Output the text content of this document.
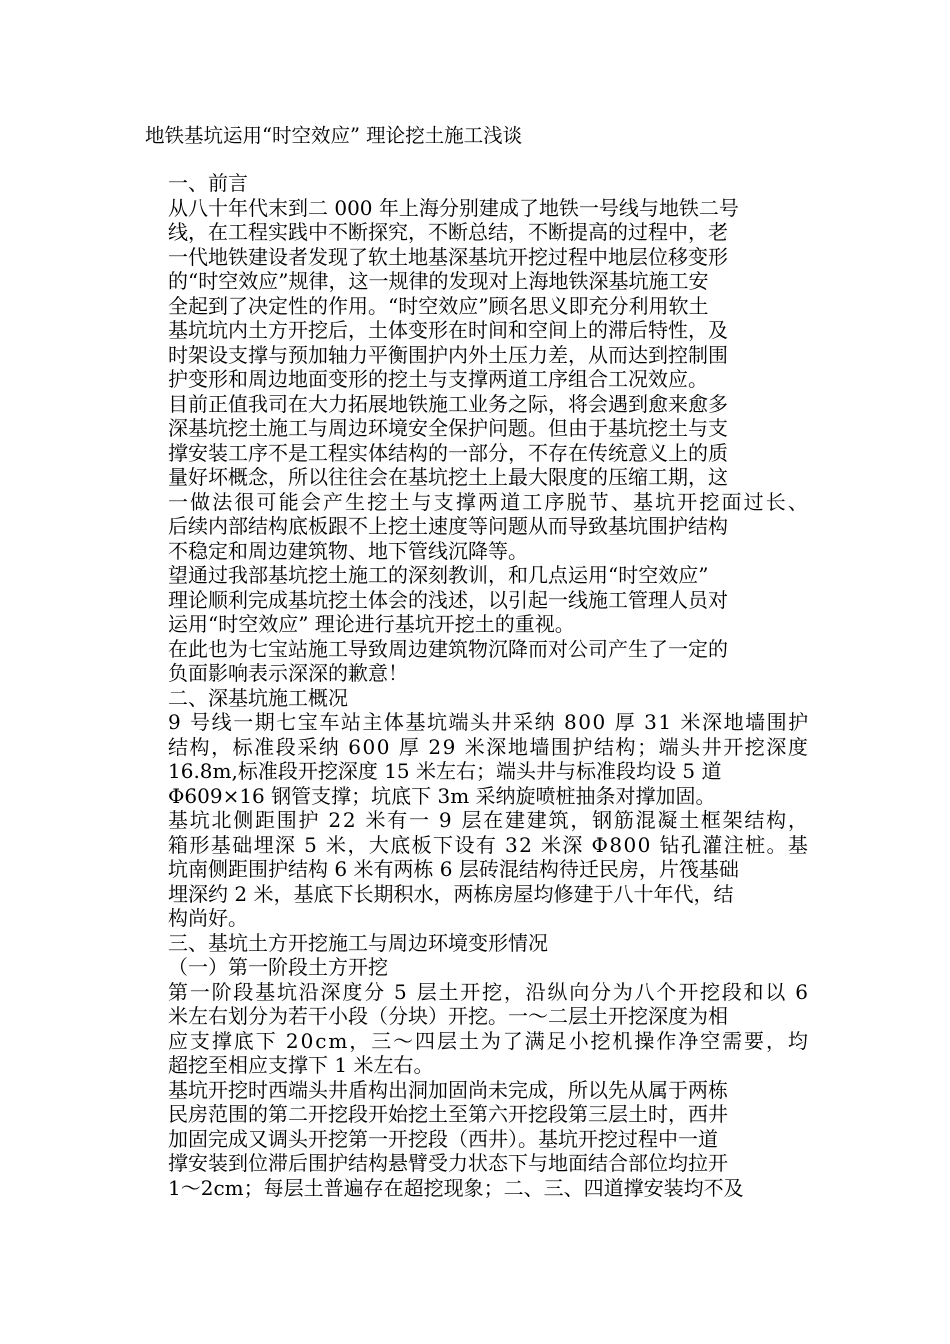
地铁基坑运用“时空效应” 理论挖土施工浅谈
一、前言
从八十年代末到二 000 年上海分别建成了地铁一号线与地铁二号
线，在工程实践中不断探究，不断总结，不断提高的过程中，老
一代地铁建设者发现了软土地基深基坑开挖过程中地层位移变形
的“时空效应”规律，这一规律的发现对上海地铁深基坑施工安
全起到了决定性的作用。“时空效应”顾名思义即充分利用软土
基坑坑内土方开挖后，土体变形在时间和空间上的滞后特性，及
时架设支撑与预加轴力平衡围护内外土压力差，从而达到控制围
护变形和周边地面变形的挖土与支撑两道工序组合工况效应。
目前正值我司在大力拓展地铁施工业务之际，将会遇到愈来愈多
深基坑挖土施工与周边环境安全保护问题。但由于基坑挖土与支
撑安装工序不是工程实体结构的一部分，不存在传统意义上的质
量好坏概念，所以往往会在基坑挖土上最大限度的压缩工期，这
一做法很可能会产生挖土与支撑两道工序脱节、基坑开挖面过长、
后续内部结构底板跟不上挖土速度等问题从而导致基坑围护结构
不稳定和周边建筑物、地下管线沉降等。
望通过我部基坑挖土施工的深刻教训，和几点运用“时空效应”
理论顺利完成基坑挖土体会的浅述，以引起一线施工管理人员对
运用“时空效应” 理论进行基坑开挖土的重视。
在此也为七宝站施工导致周边建筑物沉降而对公司产生了一定的
负面影响表示深深的歉意！
二、深基坑施工概况
9 号线一期七宝车站主体基坑端头井采纳 800 厚 31 米深地墙围护
结构，标准段采纳 600 厚 29 米深地墙围护结构；端头井开挖深度
16.8m,标准段开挖深度 15 米左右；端头井与标准段均设 5 道
Φ609×16 钢管支撑；坑底下 3m 采纳旋喷桩抽条对撑加固。
基坑北侧距围护 22 米有一 9 层在建建筑，钢筋混凝土框架结构，
箱形基础埋深 5 米，大底板下设有 32 米深 Φ800 钻孔灌注桩。基
坑南侧距围护结构 6 米有两栋 6 层砖混结构待迁民房，片筏基础
埋深约 2 米，基底下长期积水，两栋房屋均修建于八十年代，结
构尚好。
三、基坑土方开挖施工与周边环境变形情况
（一）第一阶段土方开挖
第一阶段基坑沿深度分 5 层土开挖，沿纵向分为八个开挖段和以 6
米左右划分为若干小段（分块）开挖。一～二层土开挖深度为相
应支撑底下 20cm，三～四层土为了满足小挖机操作净空需要，均
超挖至相应支撑下 1 米左右。
基坑开挖时西端头井盾构出洞加固尚未完成，所以先从属于两栋
民房范围的第二开挖段开始挖土至第六开挖段第三层土时，西井
加固完成又调头开挖第一开挖段（西井）。基坑开挖过程中一道
撑安装到位滞后围护结构悬臂受力状态下与地面结合部位均拉开
1～2cm；每层土普遍存在超挖现象；二、三、四道撑安装均不及
